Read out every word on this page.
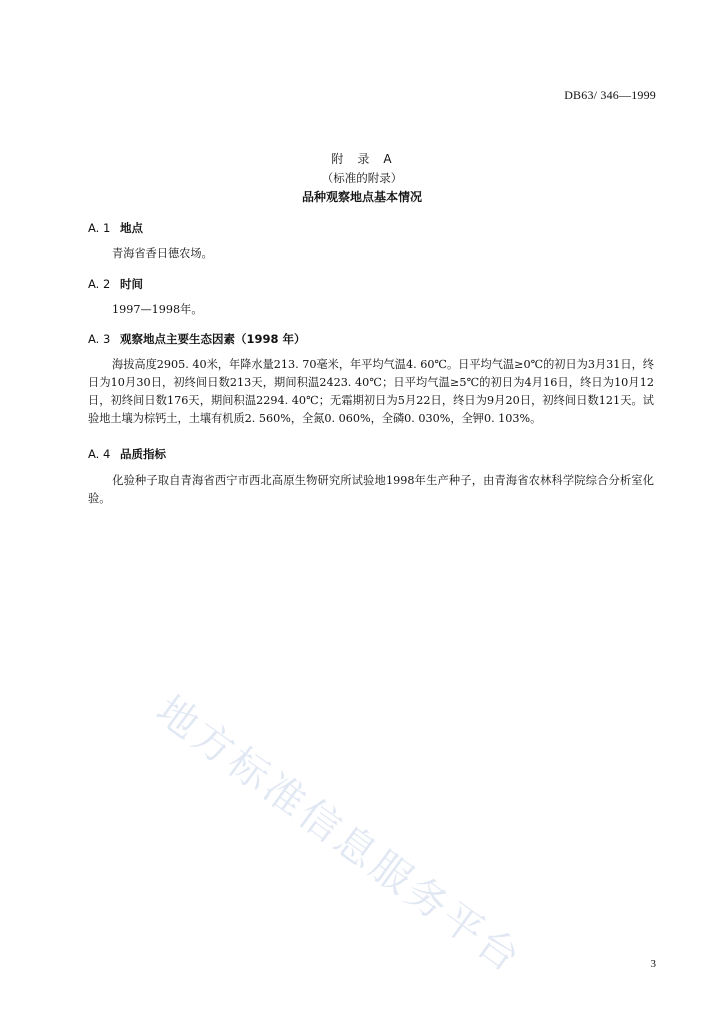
DB63/ 346—1999
附　录　A
（标准的附录）
品种观察地点基本情况
A. 1 地点

青海省香日德农场。

A. 2 时间

1997—1998年。

A. 3 观察地点主要生态因素（1998 年）

海拔高度2905. 40米，年降水量213. 70毫米，年平均气温4. 60℃。日平均气温≥0℃的初日为3月31日，终日为10月30日，初终间日数213天，期间积温2423. 40℃；日平均气温≥5℃的初日为4月16日，终日为10月12日，初终间日数176天，期间积温2294. 40℃；无霜期初日为5月22日，终日为9月20日，初终间日数121天。试验地土壤为棕钙土，土壤有机质2. 560%，全氮0. 060%，全磷0. 030%，全钾0. 103%。

A. 4 品质指标

化验种子取自青海省西宁市西北高原生物研究所试验地1998年生产种子，由青海省农林科学院综合分析室化验。

地方标准信息服务平台	3
